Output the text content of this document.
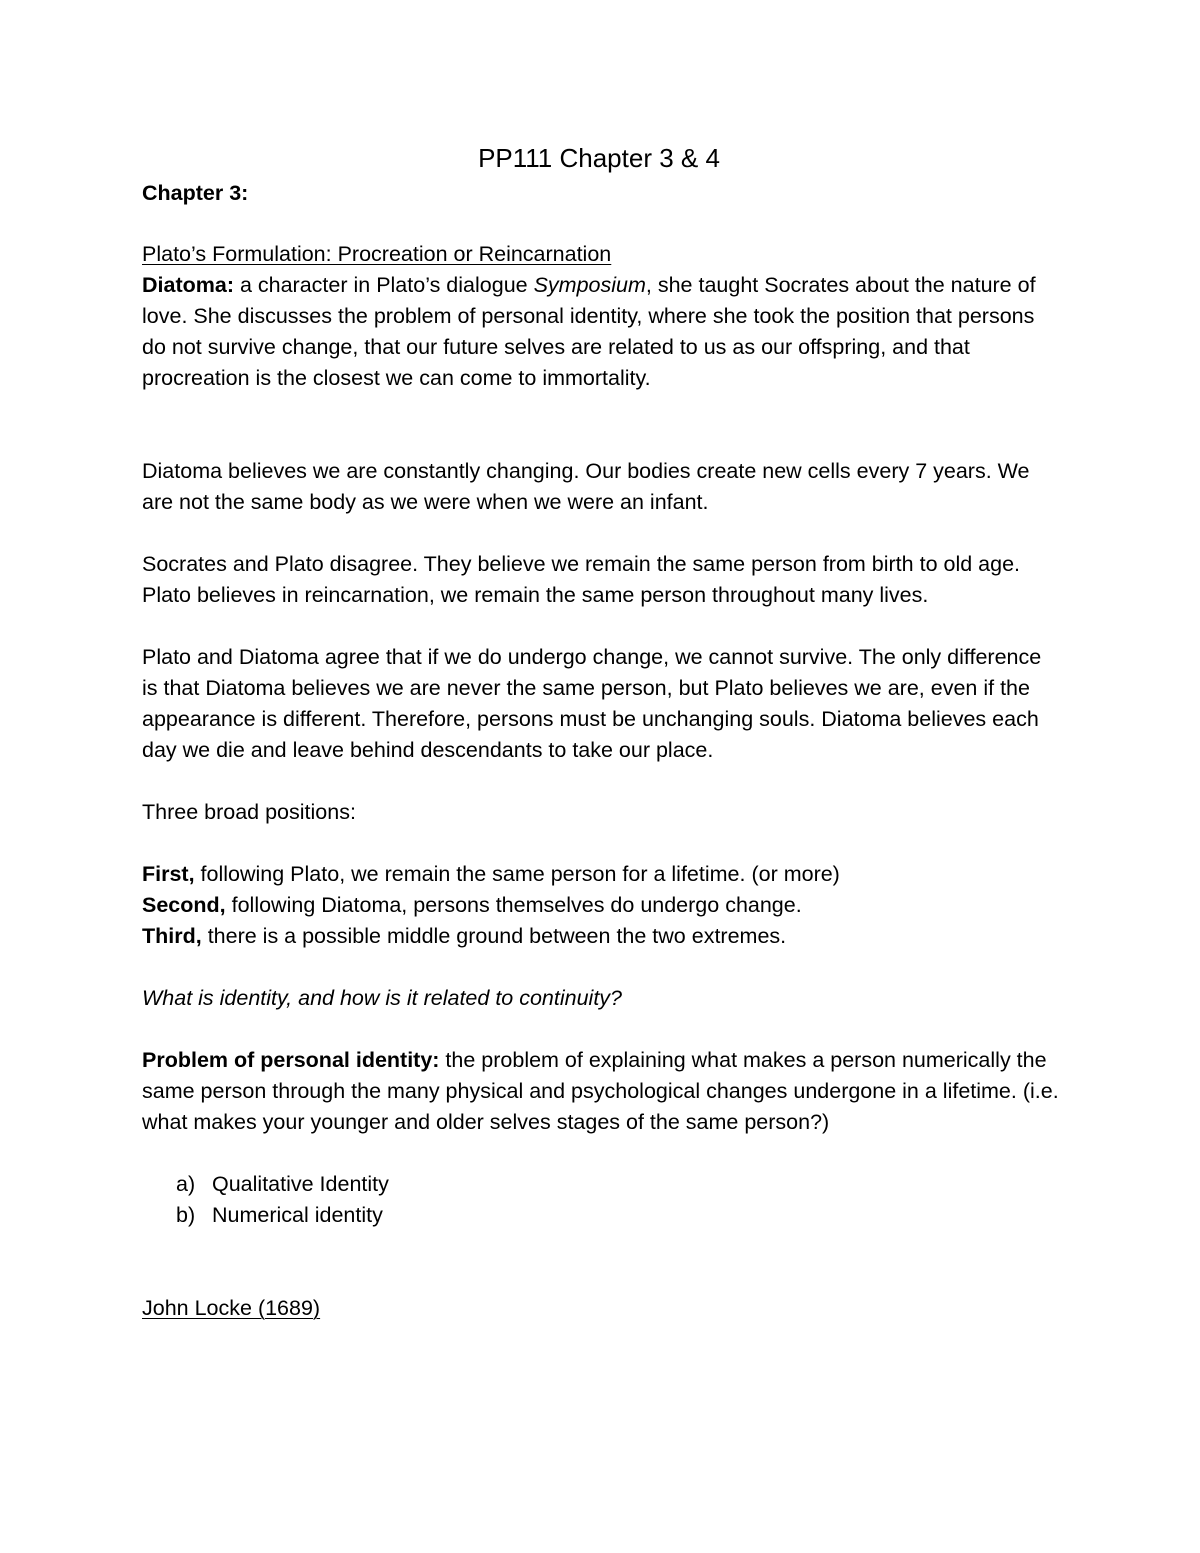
PP111 Chapter 3 & 4
Chapter 3:

Plato’s Formulation: Procreation or Reincarnation

Diatoma: a character in Plato’s dialogue Symposium, she taught Socrates about the nature of love. She discusses the problem of personal identity, where she took the position that persons do not survive change, that our future selves are related to us as our offspring, and that procreation is the closest we can come to immortality.

Diatoma believes we are constantly changing. Our bodies create new cells every 7 years. We are not the same body as we were when we were an infant.

Socrates and Plato disagree. They believe we remain the same person from birth to old age. Plato believes in reincarnation, we remain the same person throughout many lives.

Plato and Diatoma agree that if we do undergo change, we cannot survive. The only difference is that Diatoma believes we are never the same person, but Plato believes we are, even if the appearance is different. Therefore, persons must be unchanging souls. Diatoma believes each day we die and leave behind descendants to take our place.

Three broad positions:

First, following Plato, we remain the same person for a lifetime. (or more)

Second, following Diatoma, persons themselves do undergo change.

Third, there is a possible middle ground between the two extremes.

What is identity, and how is it related to continuity?

Problem of personal identity: the problem of explaining what makes a person numerically the same person through the many physical and psychological changes undergone in a lifetime. (i.e. what makes your younger and older selves stages of the same person?)

a) Qualitative Identity
b) Numerical identity

John Locke (1689)
